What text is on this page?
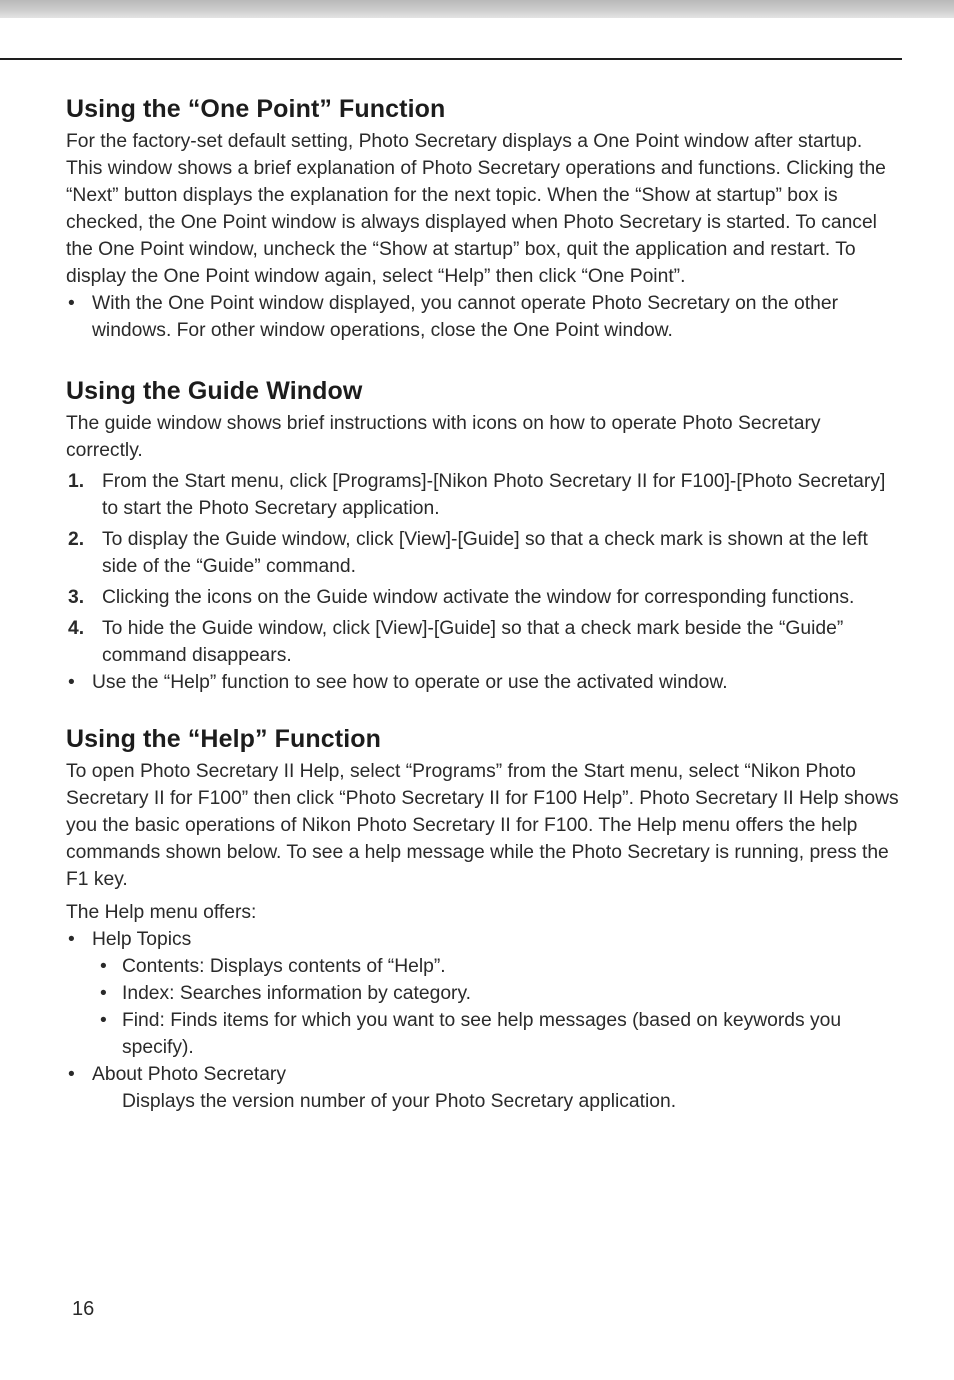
Using the “One Point” Function

For the factory-set default setting, Photo Secretary displays a One Point window after startup. This window shows a brief explanation of Photo Secretary operations and functions. Clicking the “Next” button displays the explanation for the next topic. When the “Show at startup” box is checked, the One Point window is always displayed when Photo Secretary is started. To cancel the One Point window, uncheck the “Show at startup” box, quit the application and restart. To display the One Point window again, select “Help” then click “One Point”.

• With the One Point window displayed, you cannot operate Photo Secretary on the other windows. For other window operations, close the One Point window.
Using the Guide Window

The guide window shows brief instructions with icons on how to operate Photo Secretary correctly.

1. From the Start menu, click [Programs]-[Nikon Photo Secretary II for F100]-[Photo Secretary] to start the Photo Secretary application.
2. To display the Guide window, click [View]-[Guide] so that a check mark is shown at the left side of the “Guide” command.
3. Clicking the icons on the Guide window activate the window for corresponding functions.
4. To hide the Guide window, click [View]-[Guide] so that a check mark beside the “Guide” command disappears.
• Use the “Help” function to see how to operate or use the activated window.
Using the “Help” Function

To open Photo Secretary II Help, select “Programs” from the Start menu, select “Nikon Photo Secretary II for F100” then click “Photo Secretary II for F100 Help”. Photo Secretary II Help shows you the basic operations of Nikon Photo Secretary II for F100. The Help menu offers the help commands shown below. To see a help message while the Photo Secretary is running, press the F1 key.

The Help menu offers:

• Help Topics
• Contents: Displays contents of “Help”.
• Index: Searches information by category.
• Find: Finds items for which you want to see help messages (based on keywords you specify).
• About Photo Secretary
Displays the version number of your Photo Secretary application.
16
